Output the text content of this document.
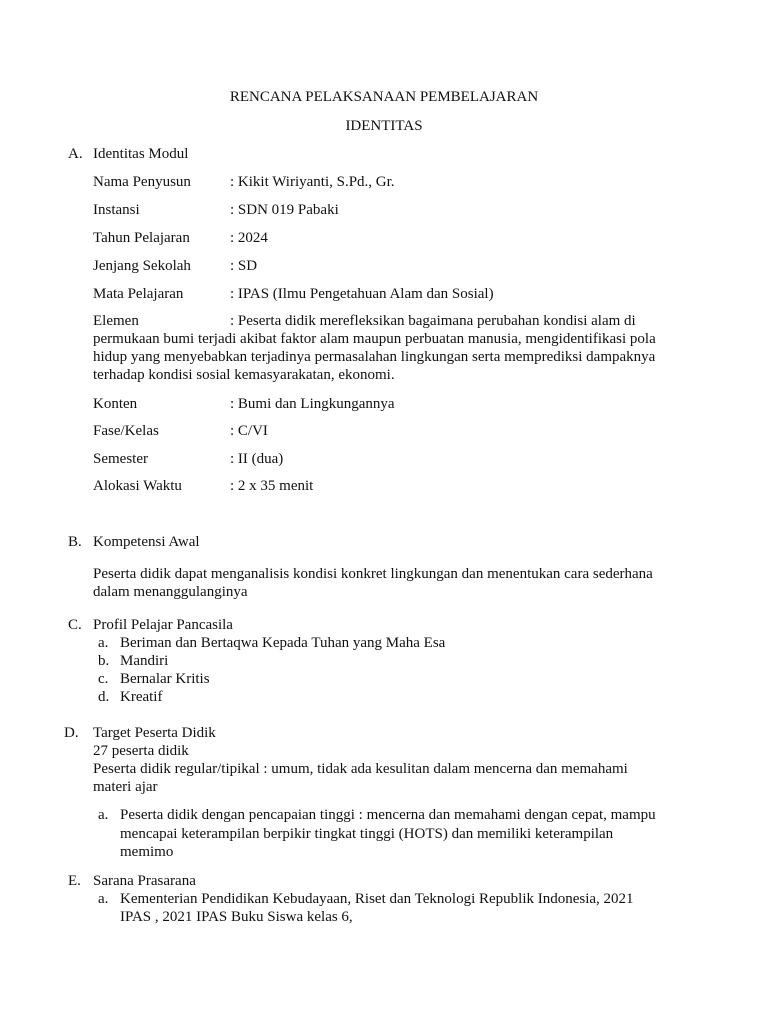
RENCANA PELAKSANAAN PEMBELAJARAN
IDENTITAS
A. Identitas Modul
Nama Penyusun	: Kikit Wiriyanti, S.Pd., Gr.
Instansi	: SDN 019 Pabaki
Tahun Pelajaran	: 2024
Jenjang Sekolah	: SD
Mata Pelajaran	: IPAS (Ilmu Pengetahuan Alam dan Sosial)
Elemen	: Peserta didik merefleksikan bagaimana perubahan kondisi alam di
permukaan bumi terjadi akibat faktor alam maupun perbuatan manusia, mengidentifikasi pola
hidup yang menyebabkan terjadinya permasalahan lingkungan serta memprediksi dampaknya
terhadap kondisi sosial kemasyarakatan, ekonomi.
Konten	: Bumi dan Lingkungannya
Fase/Kelas	: C/VI
Semester	: II (dua)
Alokasi Waktu	: 2 x 35 menit
B. Kompetensi Awal
Peserta didik dapat menganalisis kondisi konkret lingkungan dan menentukan cara sederhana
dalam menanggulanginya
C. Profil Pelajar Pancasila
a. Beriman dan Bertaqwa Kepada Tuhan yang Maha Esa
b. Mandiri
c. Bernalar Kritis
d. Kreatif
D. Target Peserta Didik
27 peserta didik
Peserta didik regular/tipikal : umum, tidak ada kesulitan dalam mencerna dan memahami
materi ajar
a. Peserta didik dengan pencapaian tinggi : mencerna dan memahami dengan cepat, mampu
mencapai keterampilan berpikir tingkat tinggi (HOTS) dan memiliki keterampilan
memimo
E. Sarana Prasarana
a. Kementerian Pendidikan Kebudayaan, Riset dan Teknologi Republik Indonesia, 2021
IPAS , 2021 IPAS Buku Siswa kelas 6,
